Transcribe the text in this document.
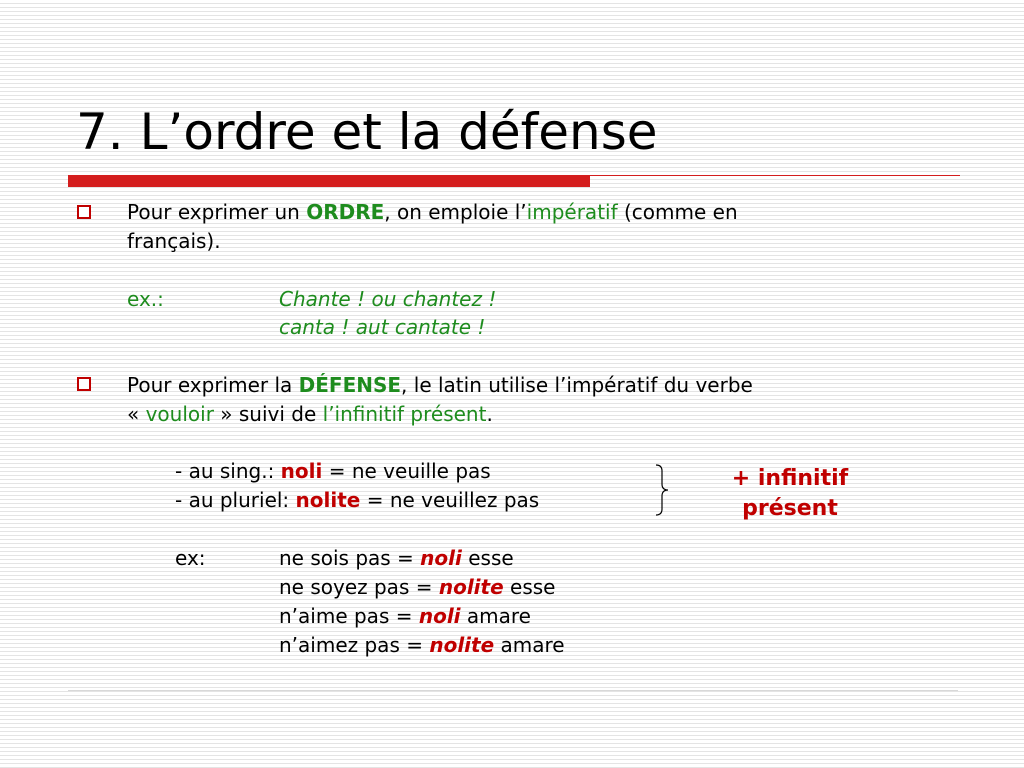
7. L’ordre et la défense
Pour exprimer un ORDRE, on emploie l’impératif (comme en
français).
ex.:	Chante ! ou chantez !
canta ! aut cantate !
Pour exprimer la DÉFENSE, le latin utilise l’impératif du verbe
« vouloir » suivi de l’infinitif présent.
- au sing.: noli = ne veuille pas
- au pluriel: nolite = ne veuillez pas
+ infinitif
présent
ex:	ne sois pas = noli esse
ne soyez pas = nolite esse
n’aime pas = noli amare
n’aimez pas = nolite amare
